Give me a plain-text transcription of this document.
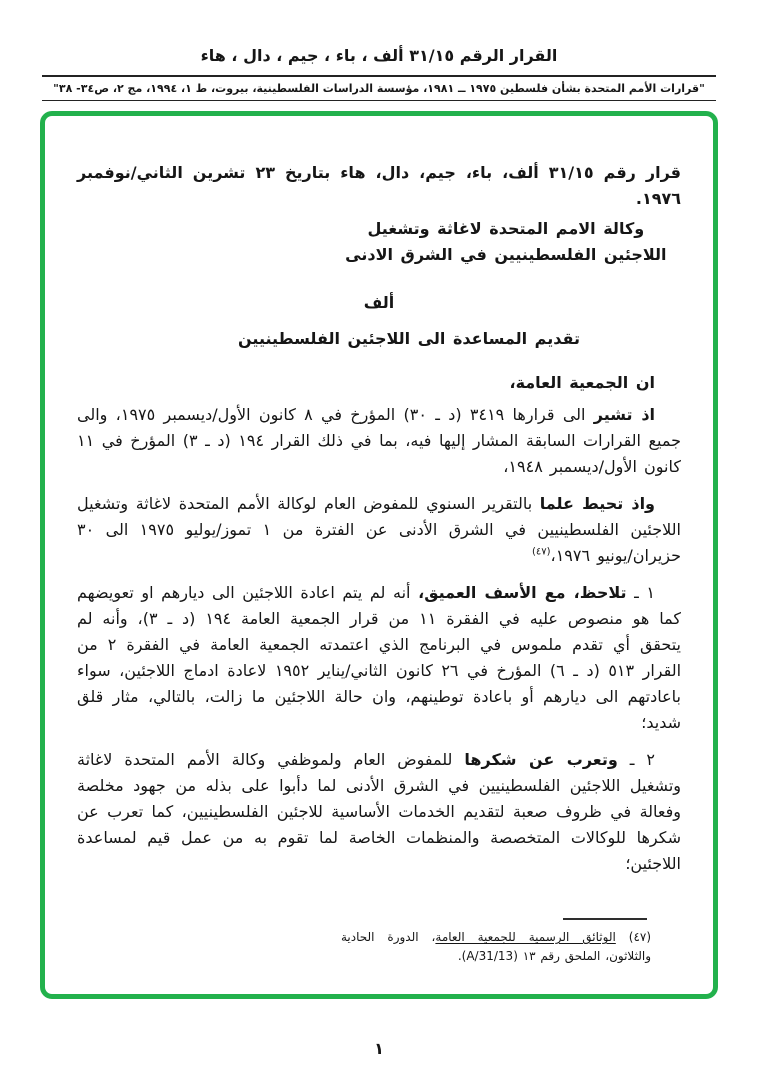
القرار الرقم ٣١/١٥ ألف ، باء ، جيم ، دال ، هاء
"قرارات الأمم المتحدة بشأن فلسطين ١٩٧٥ ــ ١٩٨١، مؤسسة الدراسات الفلسطينية، بيروت، ط ١، ١٩٩٤، مج ٢، ص٣٤- ٣٨"

قرار رقم ٣١/١٥ ألف، باء، جيم، دال، هاء بتاريخ ٢٣ تشرين الثاني/نوفمبر ١٩٧٦.

وكالة الامم المتحدة لاغاثة وتشغيل
اللاجئين الفلسطينيين في الشرق الادنى
ألف
تقديم المساعدة الى اللاجئين الفلسطينيين

ان الجمعية العامة،

اذ تشير الى قرارها ٣٤١٩ (د ـ ٣٠) المؤرخ في ٨ كانون الأول/ديسمبر ١٩٧٥، والى جميع القرارات السابقة المشار إليها فيه، بما في ذلك القرار ١٩٤ (د ـ ٣) المؤرخ في ١١ كانون الأول/ديسمبر ١٩٤٨،

واذ تحيط علما بالتقرير السنوي للمفوض العام لوكالة الأمم المتحدة لاغاثة وتشغيل اللاجئين الفلسطينيين في الشرق الأدنى عن الفترة من ١ تموز/يوليو ١٩٧٥ الى ٣٠ حزيران/يونيو ١٩٧٦،$^{(٤٧)}$

١ ـ تلاحظ، مع الأسف العميق، أنه لم يتم اعادة اللاجئين الى ديارهم او تعويضهم كما هو منصوص عليه في الفقرة ١١ من قرار الجمعية العامة ١٩٤ (د ـ ٣)، وأنه لم يتحقق أي تقدم ملموس في البرنامج الذي اعتمدته الجمعية العامة في الفقرة ٢ من القرار ٥١٣ (د ـ ٦) المؤرخ في ٢٦ كانون الثاني/يناير ١٩٥٢ لاعادة ادماج اللاجئين، سواء باعادتهم الى ديارهم أو باعادة توطينهم، وان حالة اللاجئين ما زالت، بالتالي، مثار قلق شديد؛

٢ ـ وتعرب عن شكرها للمفوض العام ولموظفي وكالة الأمم المتحدة لاغاثة وتشغيل اللاجئين الفلسطينيين في الشرق الأدنى لما دأبوا على بذله من جهود مخلصة وفعالة في ظروف صعبة لتقديم الخدمات الأساسية للاجئين الفلسطينيين، كما تعرب عن شكرها للوكالات المتخصصة والمنظمات الخاصة لما تقوم به من عمل قيم لمساعدة اللاجئين؛

(٤٧) الوثائق الرسمية للجمعية العامة، الدورة الحادية والثلاثون، الملحق رقم ١٣ (A/31/13).

١
